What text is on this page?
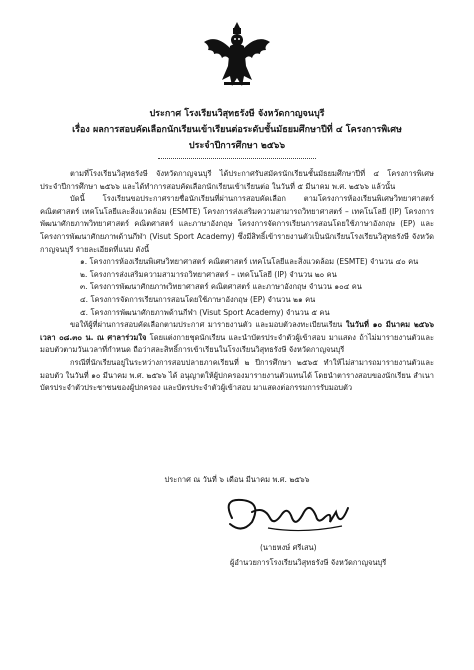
ประกาศ โรงเรียนวิสุทธรังษี จังหวัดกาญจนบุรี
เรื่อง ผลการสอบคัดเลือกนักเรียนเข้าเรียนต่อระดับชั้นมัธยมศึกษาปีที่ ๔ โครงการพิเศษ
ประจำปีการศึกษา ๒๕๖๖

ตามที่โรงเรียนวิสุทธรังษี จังหวัดกาญจนบุรี ได้ประกาศรับสมัครนักเรียนชั้นมัธยมศึกษาปีที่ ๔ โครงการพิเศษ ประจำปีการศึกษา ๒๕๖๖ และได้ทำการสอบคัดเลือกนักเรียนเข้าเรียนต่อ ในวันที่ ๕ มีนาคม พ.ศ. ๒๕๖๖ แล้วนั้น

บัดนี้ โรงเรียนขอประกาศรายชื่อนักเรียนที่ผ่านการสอบคัดเลือก ตามโครงการห้องเรียนพิเศษวิทยาศาสตร์ คณิตศาสตร์ เทคโนโลยีและสิ่งแวดล้อม (ESMTE) โครงการส่งเสริมความสามารถวิทยาศาสตร์ – เทคโนโลยี (IP) โครงการพัฒนาศักยภาพวิทยาศาสตร์ คณิตศาสตร์ และภาษาอังกฤษ โครงการจัดการเรียนการสอนโดยใช้ภาษาอังกฤษ (EP) และโครงการพัฒนาศักยภาพด้านกีฬา (Visut Sport Academy) ซึ่งมีสิทธิ์เข้ารายงานตัวเป็นนักเรียนโรงเรียนวิสุทธรังษี จังหวัดกาญจนบุรี รายละเอียดที่แนบ ดังนี้

๑. โครงการห้องเรียนพิเศษวิทยาศาสตร์ คณิตศาสตร์ เทคโนโลยีและสิ่งแวดล้อม (ESMTE) จำนวน ๔๐ คน
๒. โครงการส่งเสริมความสามารถวิทยาศาสตร์ – เทคโนโลยี (IP) จำนวน ๒๐ คน
๓. โครงการพัฒนาศักยภาพวิทยาศาสตร์ คณิตศาสตร์ และภาษาอังกฤษ จำนวน ๑๐๔ คน
๔. โครงการจัดการเรียนการสอนโดยใช้ภาษาอังกฤษ (EP) จำนวน ๒๑ คน
๕. โครงการพัฒนาศักยภาพด้านกีฬา (Visut Sport Academy) จำนวน ๕ คน

ขอให้ผู้ที่ผ่านการสอบคัดเลือกตามประกาศ มารายงานตัว และมอบตัวลงทะเบียนเรียน ในวันที่ ๑๐ มีนาคม ๒๕๖๖ เวลา ๐๘.๓๐ น. ณ ศาลาร่วมใจ โดยแต่งกายชุดนักเรียน และนำบัตรประจำตัวผู้เข้าสอบ มาแสดง ถ้าไม่มารายงานตัวและมอบตัวตามวันเวลาที่กำหนด ถือว่าสละสิทธิ์การเข้าเรียนในโรงเรียนวิสุทธรังษี จังหวัดกาญจนบุรี

กรณีที่นักเรียนอยู่ในระหว่างการสอบปลายภาคเรียนที่ ๒ ปีการศึกษา ๒๕๖๕ ทำให้ไม่สามารถมารายงานตัวและมอบตัว ในวันที่ ๑๐ มีนาคม พ.ศ. ๒๕๖๖ ได้ อนุญาตให้ผู้ปกครองมารายงานตัวแทนได้ โดยนำตารางสอบของนักเรียน สำเนาบัตรประจำตัวประชาชนของผู้ปกครอง และบัตรประจำตัวผู้เข้าสอบ มาแสดงต่อกรรมการรับมอบตัว

ประกาศ ณ วันที่ ๖ เดือน มีนาคม พ.ศ. ๒๕๖๖
(นายหงษ์ ศรีเสน)
ผู้อำนวยการโรงเรียนวิสุทธรังษี จังหวัดกาญจนบุรี
